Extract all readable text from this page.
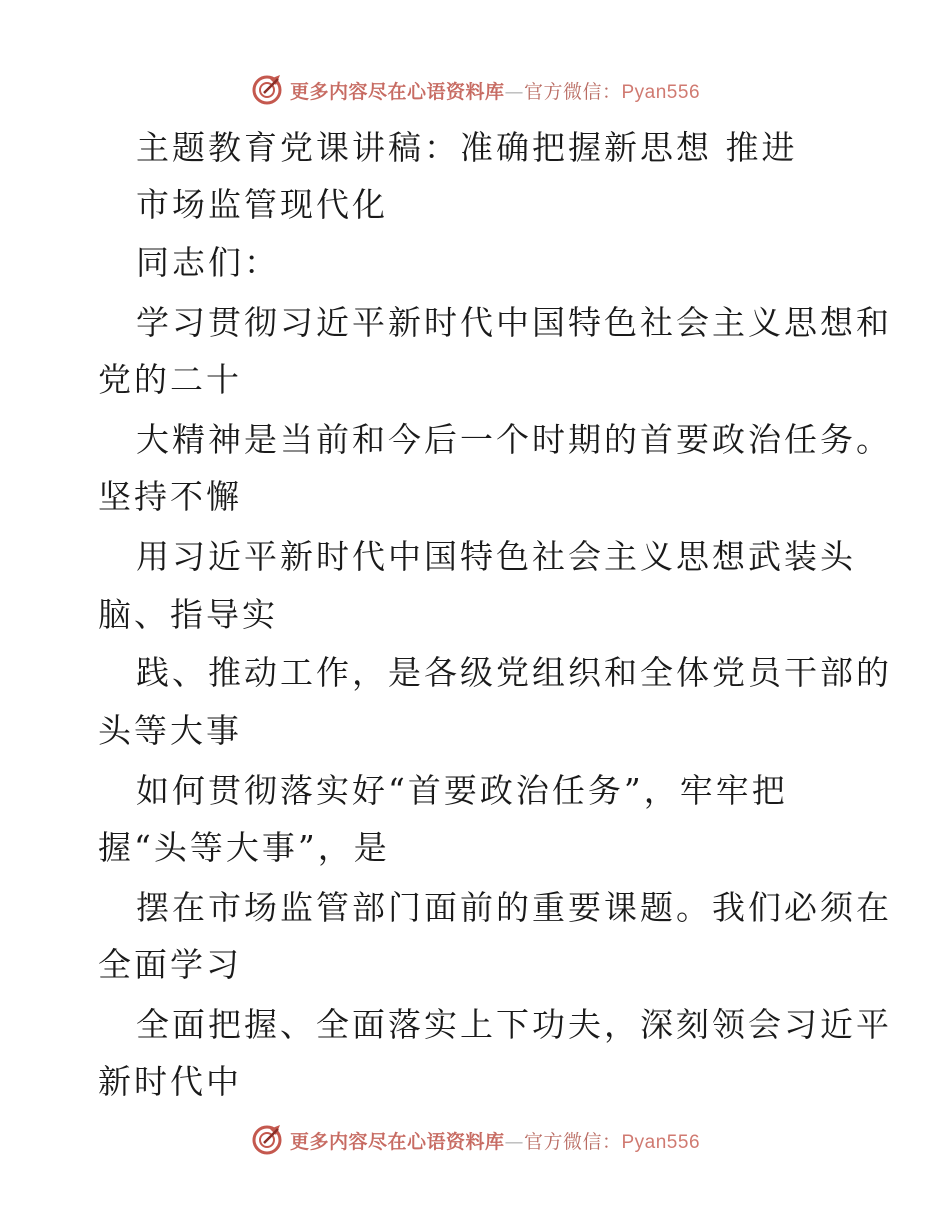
更多内容尽在心语资料库—官方微信：Pyan556
主题教育党课讲稿：准确把握新思想 推进
市场监管现代化
同志们：
学习贯彻习近平新时代中国特色社会主义思想和
党的二十
大精神是当前和今后一个时期的首要政治任务。
坚持不懈
用习近平新时代中国特色社会主义思想武装头
脑、指导实
践、推动工作，是各级党组织和全体党员干部的
头等大事
如何贯彻落实好“首要政治任务”，牢牢把
握“头等大事”，是
摆在市场监管部门面前的重要课题。我们必须在
全面学习
全面把握、全面落实上下功夫，深刻领会习近平
新时代中
更多内容尽在心语资料库—官方微信：Pyan556
